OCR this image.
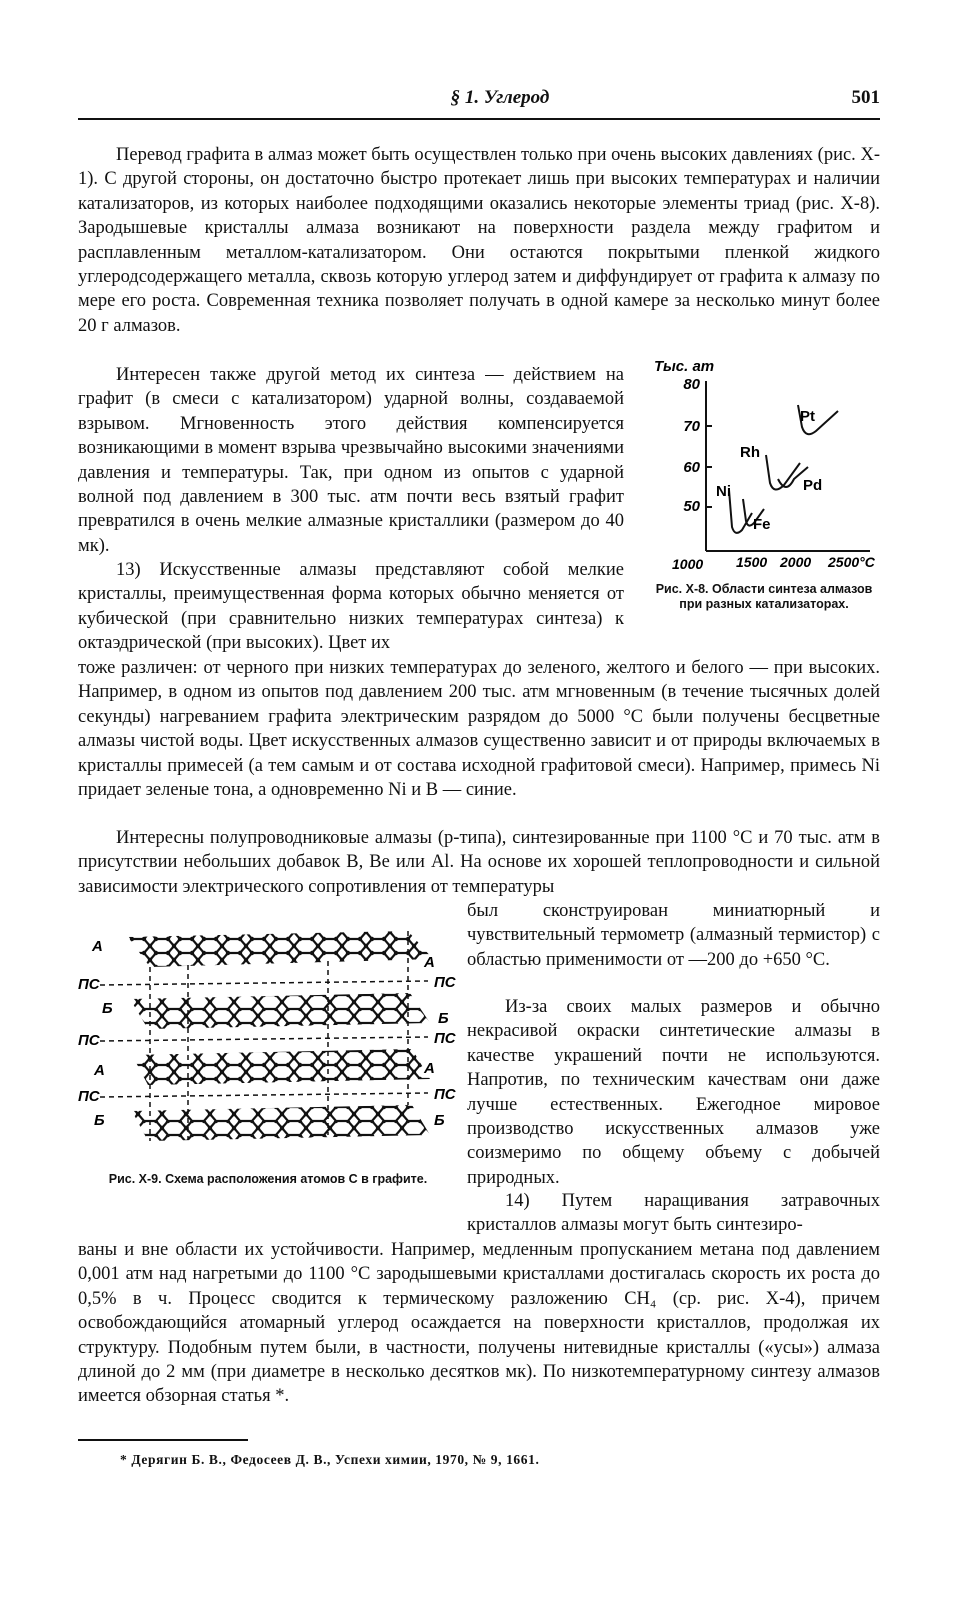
§ 1. Углерод	501

Перевод графита в алмаз может быть осуществлен только при очень высоких давлениях (рис. X-1). С другой стороны, он достаточно быстро протекает лишь при высоких температурах и наличии катализаторов, из которых наиболее подходящими оказались некоторые элементы триад (рис. X-8). Зародышевые кристаллы алмаза возникают на поверхности раздела между графитом и расплавленным металлом-катализатором. Они остаются покрытыми пленкой жидкого углеродсодержащего металла, сквозь которую углерод затем и диффундирует от графита к алмазу по мере его роста. Современная техника позволяет получать в одной камере за несколько минут более 20 г алмазов.

Интересен также другой метод их синтеза — действием на графит (в смеси с катализатором) ударной волны, создаваемой взрывом. Мгновенность этого действия компенсируется возникающими в момент взрыва чрезвычайно высокими значениями давления и температуры. Так, при одном из опытов с ударной волной под давлением в 300 тыс. атм почти весь взятый графит превратился в очень мелкие алмазные кристаллики (размером до 40 мк).

13) Искусственные алмазы представляют собой мелкие кристаллы, преимущественная форма которых обычно меняется от кубической (при сравнительно низких температурах синтеза) к октаэдрической (при высоких). Цвет их

тоже различен: от черного при низких температурах до зеленого, желтого и белого — при высоких. Например, в одном из опытов под давлением 200 тыс. атм мгновенным (в течение тысячных долей секунды) нагреванием графита электрическим разрядом до 5000 °С были получены бесцветные алмазы чистой воды. Цвет искусственных алмазов существенно зависит и от природы включаемых в кристаллы примесей (а тем самым и от состава исходной графитовой смеси). Например, примесь Ni придает зеленые тона, а одновременно Ni и В — синие.

Интересны полупроводниковые алмазы (р-типа), синтезированные при 1100 °С и 70 тыс. атм в присутствии небольших добавок В, Be или Al. На основе их хорошей теплопроводности и сильной зависимости электрического сопротивления от температуры

был сконструирован миниатюрный и чувствительный термометр (алмазный термистор) с областью применимости от —200 до +650 °С.

Из-за своих малых размеров и обычно некрасивой окраски синтетические алмазы в качестве украшений почти не используются. Напротив, по техническим качествам они даже лучше естественных. Ежегодное мировое производство искусственных алмазов уже соизмеримо по общему объему с добычей природных.

14) Путем наращивания затравочных кристаллов алмазы могут быть синтезиро-

ваны и вне области их устойчивости. Например, медленным пропусканием метана под давлением 0,001 атм над нагретыми до 1100 °С зародышевыми кристаллами достигалась скорость их роста до 0,5% в ч. Процесс сводится к термическому разложению CH₄ (ср. рис. X-4), причем освобождающийся атомарный углерод осаждается на поверхности кристаллов, продолжая их структуру. Подобным путем были, в частности, получены нитевидные кристаллы («усы») алмаза длиной до 2 мм (при диаметре в несколько десятков мк). По низкотемпературному синтезу алмазов имеется обзорная статья *.

Тыс. ат
80
70
60
50
1000 1500 2000 2500°С
Pt
Rh
Pd
Ni
Fe
Рис. X-8. Области синтеза алмазов при разных катализаторах.
А
ПС
Б
ПС
А
ПС
Б
А
ПС
Б
ПС
А
ПС
Б
Рис. X-9. Схема расположения атомов С в графите.
* Дерягин Б. В., Федосеев Д. В., Успехи химии, 1970, № 9, 1661.
